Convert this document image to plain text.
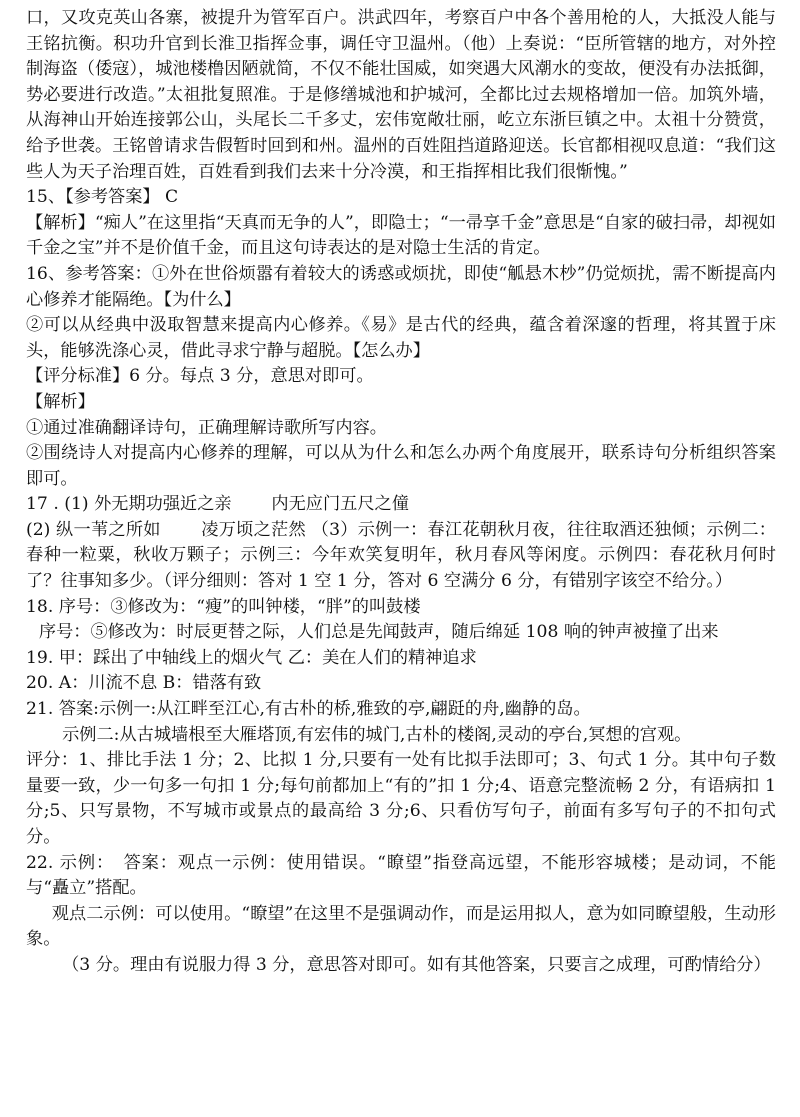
口，又攻克英山各寨，被提升为管军百户。洪武四年，考察百户中各个善用枪的人，大抵没人能与王铭抗衡。积功升官到长淮卫指挥佥事，调任守卫温州。（他）上奏说：“臣所管辖的地方，对外控制海盗（倭寇），城池楼橹因陋就简，不仅不能壮国威，如突遇大风潮水的变故，便没有办法抵御，势必要进行改造。”太祖批复照准。于是修缮城池和护城河，全都比过去规格增加一倍。加筑外墙，从海神山开始连接郭公山，头尾长二千多丈，宏伟宽敞壮丽，屹立东浙巨镇之中。太祖十分赞赏，给予世袭。王铭曾请求告假暂时回到和州。温州的百姓阻挡道路迎送。长官都相视叹息道：“我们这些人为天子治理百姓，百姓看到我们去来十分冷漠，和王指挥相比我们很惭愧。”

15、【参考答案】 C

【解析】“痴人”在这里指“天真而无争的人”，即隐士；“一帚享千金”意思是“自家的破扫帚，却视如千金之宝”并不是价值千金，而且这句诗表达的是对隐士生活的肯定。

16、参考答案：①外在世俗烦嚣有着较大的诱惑或烦扰，即使“觚悬木杪”仍觉烦扰，需不断提高内心修养才能隔绝。【为什么】

②可以从经典中汲取智慧来提高内心修养。《易》是古代的经典，蕴含着深邃的哲理，将其置于床头，能够洗涤心灵，借此寻求宁静与超脱。【怎么办】

【评分标准】6 分。每点 3 分，意思对即可。

【解析】

①通过准确翻译诗句，正确理解诗歌所写内容。

②围绕诗人对提高内心修养的理解，可以从为什么和怎么办两个角度展开，联系诗句分析组织答案即可。

17 . (1) 外无期功强近之亲　　 内无应门五尺之僮

(2) 纵一苇之所如　　 凌万顷之茫然 （3）示例一：春江花朝秋月夜，往往取酒还独倾；示例二：春种一粒粟，秋收万颗子；示例三：今年欢笑复明年，秋月春风等闲度。示例四：春花秋月何时了？往事知多少。（评分细则：答对 1 空 1 分，答对 6 空满分 6 分，有错别字该空不给分。）

18. 序号：③修改为：“瘦”的叫钟楼，“胖”的叫鼓楼

序号：⑤修改为：时辰更替之际，人们总是先闻鼓声，随后绵延 108 响的钟声被撞了出来

19. 甲：踩出了中轴线上的烟火气 乙：美在人们的精神追求

20. A：川流不息 B：错落有致

21. 答案:示例一:从江畔至江心,有古朴的桥,雅致的亭,翩跹的舟,幽静的岛。

示例二:从古城墙根至大雁塔顶,有宏伟的城门,古朴的楼阁,灵动的亭台,冥想的宫观。

评分：1、排比手法 1 分；2、比拟 1 分,只要有一处有比拟手法即可；3、句式 1 分。其中句子数量要一致，少一句多一句扣 1 分;每句前都加上“有的”扣 1 分;4、语意完整流畅 2 分，有语病扣 1 分;5、只写景物，不写城市或景点的最高给 3 分;6、只看仿写句子，前面有多写句子的不扣句式分。

22. 示例：　答案：观点一示例：使用错误。“瞭望”指登高远望，不能形容城楼；是动词，不能与“矗立”搭配。

观点二示例：可以使用。“瞭望”在这里不是强调动作，而是运用拟人，意为如同瞭望般，生动形象。

（3 分。理由有说服力得 3 分，意思答对即可。如有其他答案，只要言之成理，可酌情给分）
